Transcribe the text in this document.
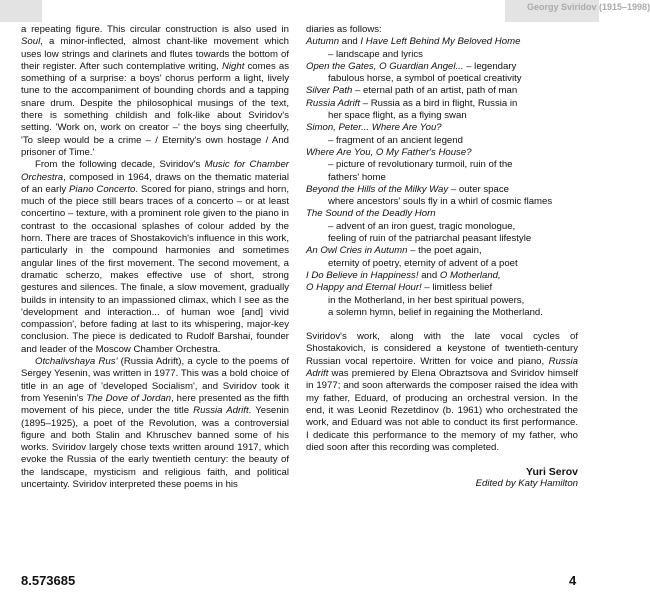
Georgy Sviridov (1915–1998)

a repeating figure. This circular construction is also used in Soul, a minor-inflected, almost chant-like movement which uses low strings and clarinets and flutes towards the bottom of their register. After such contemplative writing, Night comes as something of a surprise: a boys' chorus perform a light, lively tune to the accompaniment of bounding chords and a tapping snare drum. Despite the philosophical musings of the text, there is something childish and folk-like about Sviridov's setting. 'Work on, work on creator –' the boys sing cheerfully, 'To sleep would be a crime – / Eternity's own hostage / And prisoner of Time.'

From the following decade, Sviridov's Music for Chamber Orchestra, composed in 1964, draws on the thematic material of an early Piano Concerto. Scored for piano, strings and horn, much of the piece still bears traces of a concerto – or at least concertino – texture, with a prominent role given to the piano in contrast to the occasional splashes of colour added by the horn. There are traces of Shostakovich's influence in this work, particularly in the compound harmonies and sometimes angular lines of the first movement. The second movement, a dramatic scherzo, makes effective use of short, strong gestures and silences. The finale, a slow movement, gradually builds in intensity to an impassioned climax, which I see as the 'development and interaction... of human woe [and] vivid compassion', before fading at last to its whispering, major-key conclusion. The piece is dedicated to Rudolf Barshai, founder and leader of the Moscow Chamber Orchestra.

Otchalivshaya Rus' (Russia Adrift), a cycle to the poems of Sergey Yesenin, was written in 1977. This was a bold choice of title in an age of 'developed Socialism', and Sviridov took it from Yesenin's The Dove of Jordan, here presented as the fifth movement of his piece, under the title Russia Adrift. Yesenin (1895–1925), a poet of the Revolution, was a controversial figure and both Stalin and Khruschev banned some of his works. Sviridov largely chose texts written around 1917, which evoke the Russia of the early twentieth century: the beauty of the landscape, mysticism and religious faith, and political uncertainty. Sviridov interpreted these poems in his

diaries as follows:

Autumn and I Have Left Behind My Beloved Home
– landscape and lyrics
Open the Gates, O Guardian Angel... – legendary
fabulous horse, a symbol of poetical creativity
Silver Path – eternal path of an artist, path of man
Russia Adrift – Russia as a bird in flight, Russia in
her space flight, as a flying swan
Simon, Peter... Where Are You?
– fragment of an ancient legend
Where Are You, O My Father's House?
– picture of revolutionary turmoil, ruin of the
fathers' home
Beyond the Hills of the Milky Way – outer space
where ancestors' souls fly in a whirl of cosmic flames
The Sound of the Deadly Horn
– advent of an iron guest, tragic monologue,
feeling of ruin of the patriarchal peasant lifestyle
An Owl Cries in Autumn – the poet again,
eternity of poetry, eternity of advent of a poet
I Do Believe in Happiness! and O Motherland,
O Happy and Eternal Hour! – limitless belief
in the Motherland, in her best spiritual powers,
a solemn hymn, belief in regaining the Motherland.

Sviridov's work, along with the late vocal cycles of Shostakovich, is considered a keystone of twentieth-century Russian vocal repertoire. Written for voice and piano, Russia Adrift was premiered by Elena Obraztsova and Sviridov himself in 1977; and soon afterwards the composer raised the idea with my father, Eduard, of producing an orchestral version. In the end, it was Leonid Rezetdinov (b. 1961) who orchestrated the work, and Eduard was not able to conduct its first performance. I dedicate this performance to the memory of my father, who died soon after this recording was completed.

Yuri Serov
Edited by Katy Hamilton
8.573685	4
